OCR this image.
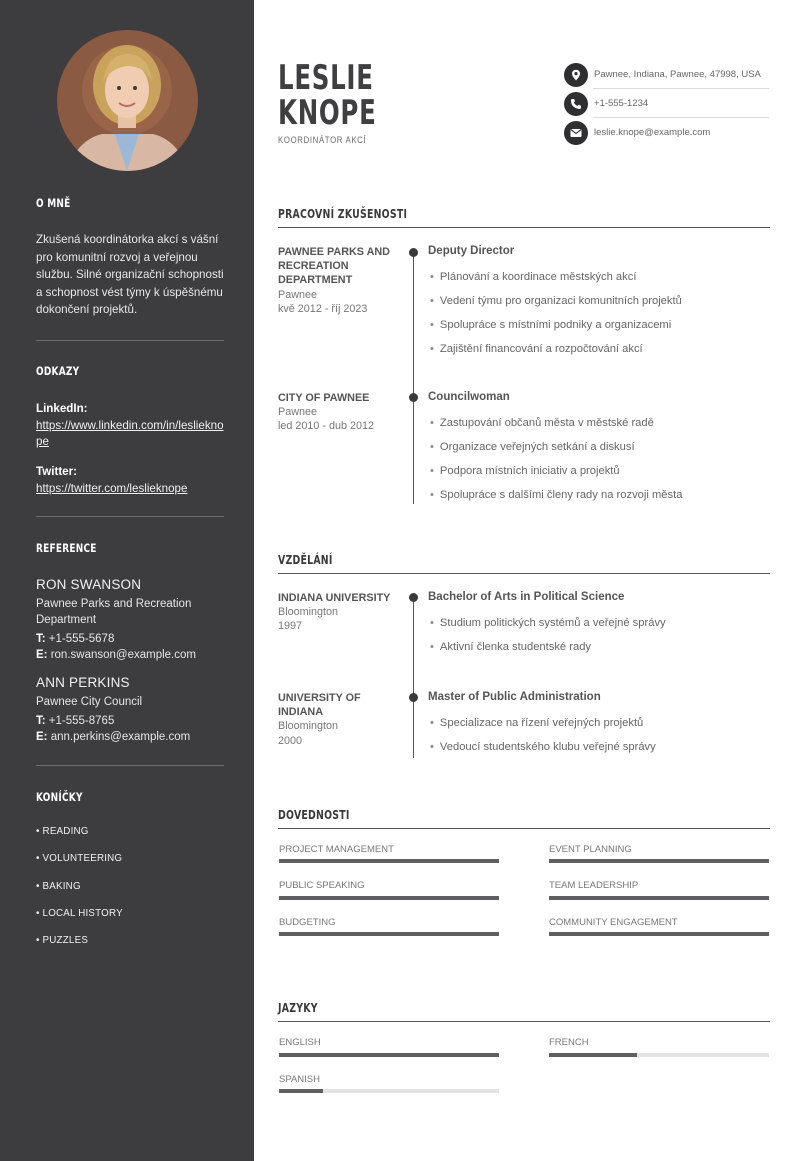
O MNĚ
Zkušená koordinátorka akcí s vášní pro komunitní rozvoj a veřejnou službu. Silné organizační schopnosti a schopnost vést týmy k úspěšnému dokončení projektů.
ODKAZY
LinkedIn:
https://www.linkedin.com/in/leslieknope
Twitter:
https://twitter.com/leslieknope
REFERENCE
RON SWANSON
Pawnee Parks and Recreation Department
T: +1-555-5678
E: ron.swanson@example.com
ANN PERKINS
Pawnee City Council
T: +1-555-8765
E: ann.perkins@example.com
KONÍČKY
• READING
• VOLUNTEERING
• BAKING
• LOCAL HISTORY
• PUZZLES
LESLIE
KNOPE
KOORDINÁTOR AKCÍ
Pawnee, Indiana, Pawnee, 47998, USA
+1-555-1234
leslie.knope@example.com
PRACOVNÍ ZKUŠENOSTI
PAWNEE PARKS AND RECREATION DEPARTMENT
Pawnee
kvě 2012 - říj 2023
Deputy Director
• Plánování a koordinace městských akcí
• Vedení týmu pro organizaci komunitních projektů
• Spolupráce s místními podniky a organizacemi
• Zajištění financování a rozpočtování akcí
CITY OF PAWNEE
Pawnee
led 2010 - dub 2012
Councilwoman
• Zastupování občanů města v městské radě
• Organizace veřejných setkání a diskusí
• Podpora místních iniciativ a projektů
• Spolupráce s dalšími členy rady na rozvoji města
VZDĚLÁNÍ
INDIANA UNIVERSITY
Bloomington
1997
Bachelor of Arts in Political Science
• Studium politických systémů a veřejné správy
• Aktivní členka studentské rady
UNIVERSITY OF INDIANA
Bloomington
2000
Master of Public Administration
• Specializace na řízení veřejných projektů
• Vedoucí studentského klubu veřejné správy
DOVEDNOSTI
PROJECT MANAGEMENT	EVENT PLANNING
PUBLIC SPEAKING	TEAM LEADERSHIP
BUDGETING	COMMUNITY ENGAGEMENT
JAZYKY
ENGLISH	FRENCH
SPANISH
